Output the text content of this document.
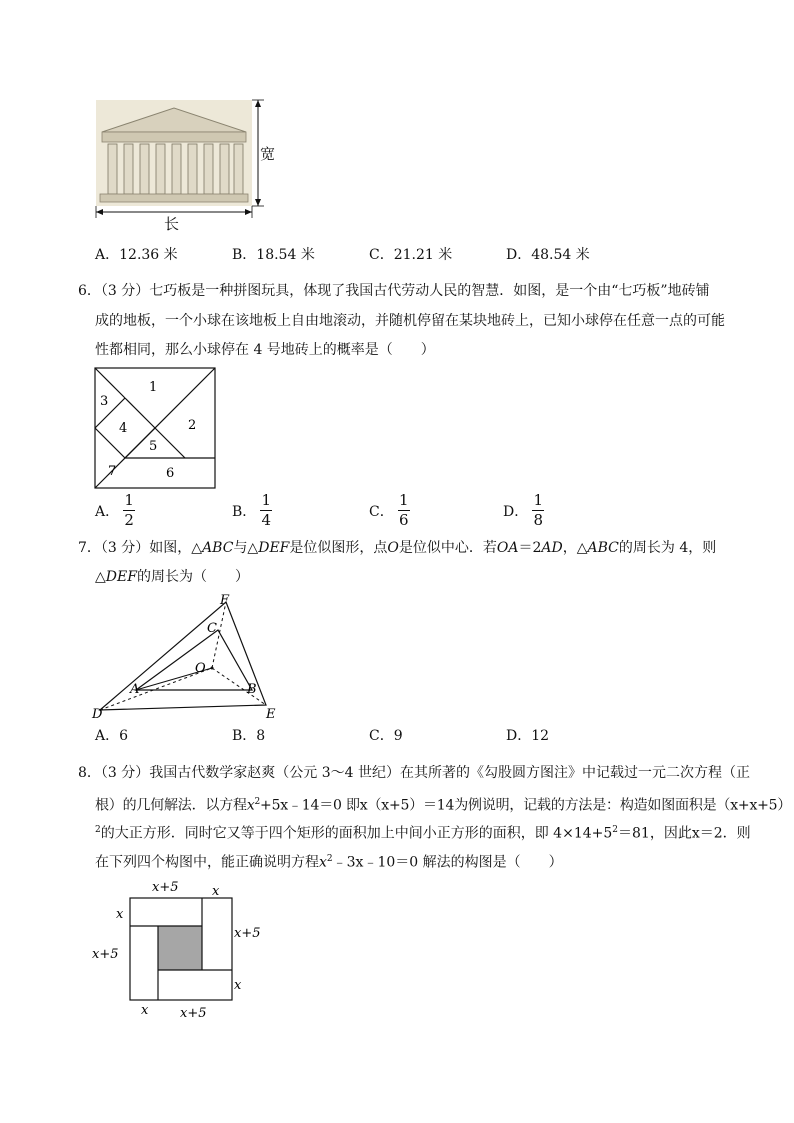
宽
长
A．12.36 米	B．18.54 米	C．21.21 米	D．48.54 米
6．（3 分）七巧板是一种拼图玩具，体现了我国古代劳动人民的智慧．如图，是一个由“七巧板”地砖铺
成的地板，一个小球在该地板上自由地滚动，并随机停留在某块地砖上，已知小球停在任意一点的可能
性都相同，那么小球停在 4 号地砖上的概率是（　　）
1
2
3
4
5
6
7
A． $\frac{1}{2}$	B． $\frac{1}{4}$	C． $\frac{1}{6}$	D． $\frac{1}{8}$
7．（3 分）如图，△ABC与△DEF是位似图形，点O是位似中心．若OA＝2AD，△ABC的周长为 4，则
△DEF的周长为（　　）
F
C
O
A	B
D	E
A．6	B．8	C．9	D．12
8．（3 分）我国古代数学家赵爽（公元 3～4 世纪）在其所著的《勾股圆方图注》中记载过一元二次方程（正
根）的几何解法．以方程$x^2+5x﹣14=0$ 即x（x+5）＝14为例说明，记载的方法是：构造如图面积是（x+x+5）
$^2$的大正方形．同时它又等于四个矩形的面积加上中间小正方形的面积，即 $4\times 14+5^2=81$，因此x＝2．则
在下列四个构图中，能正确说明方程$x^2﹣3x﹣10=0$ 解法的构图是（　　）
x+5	x
x
x+5
x+5
x
x x+5
